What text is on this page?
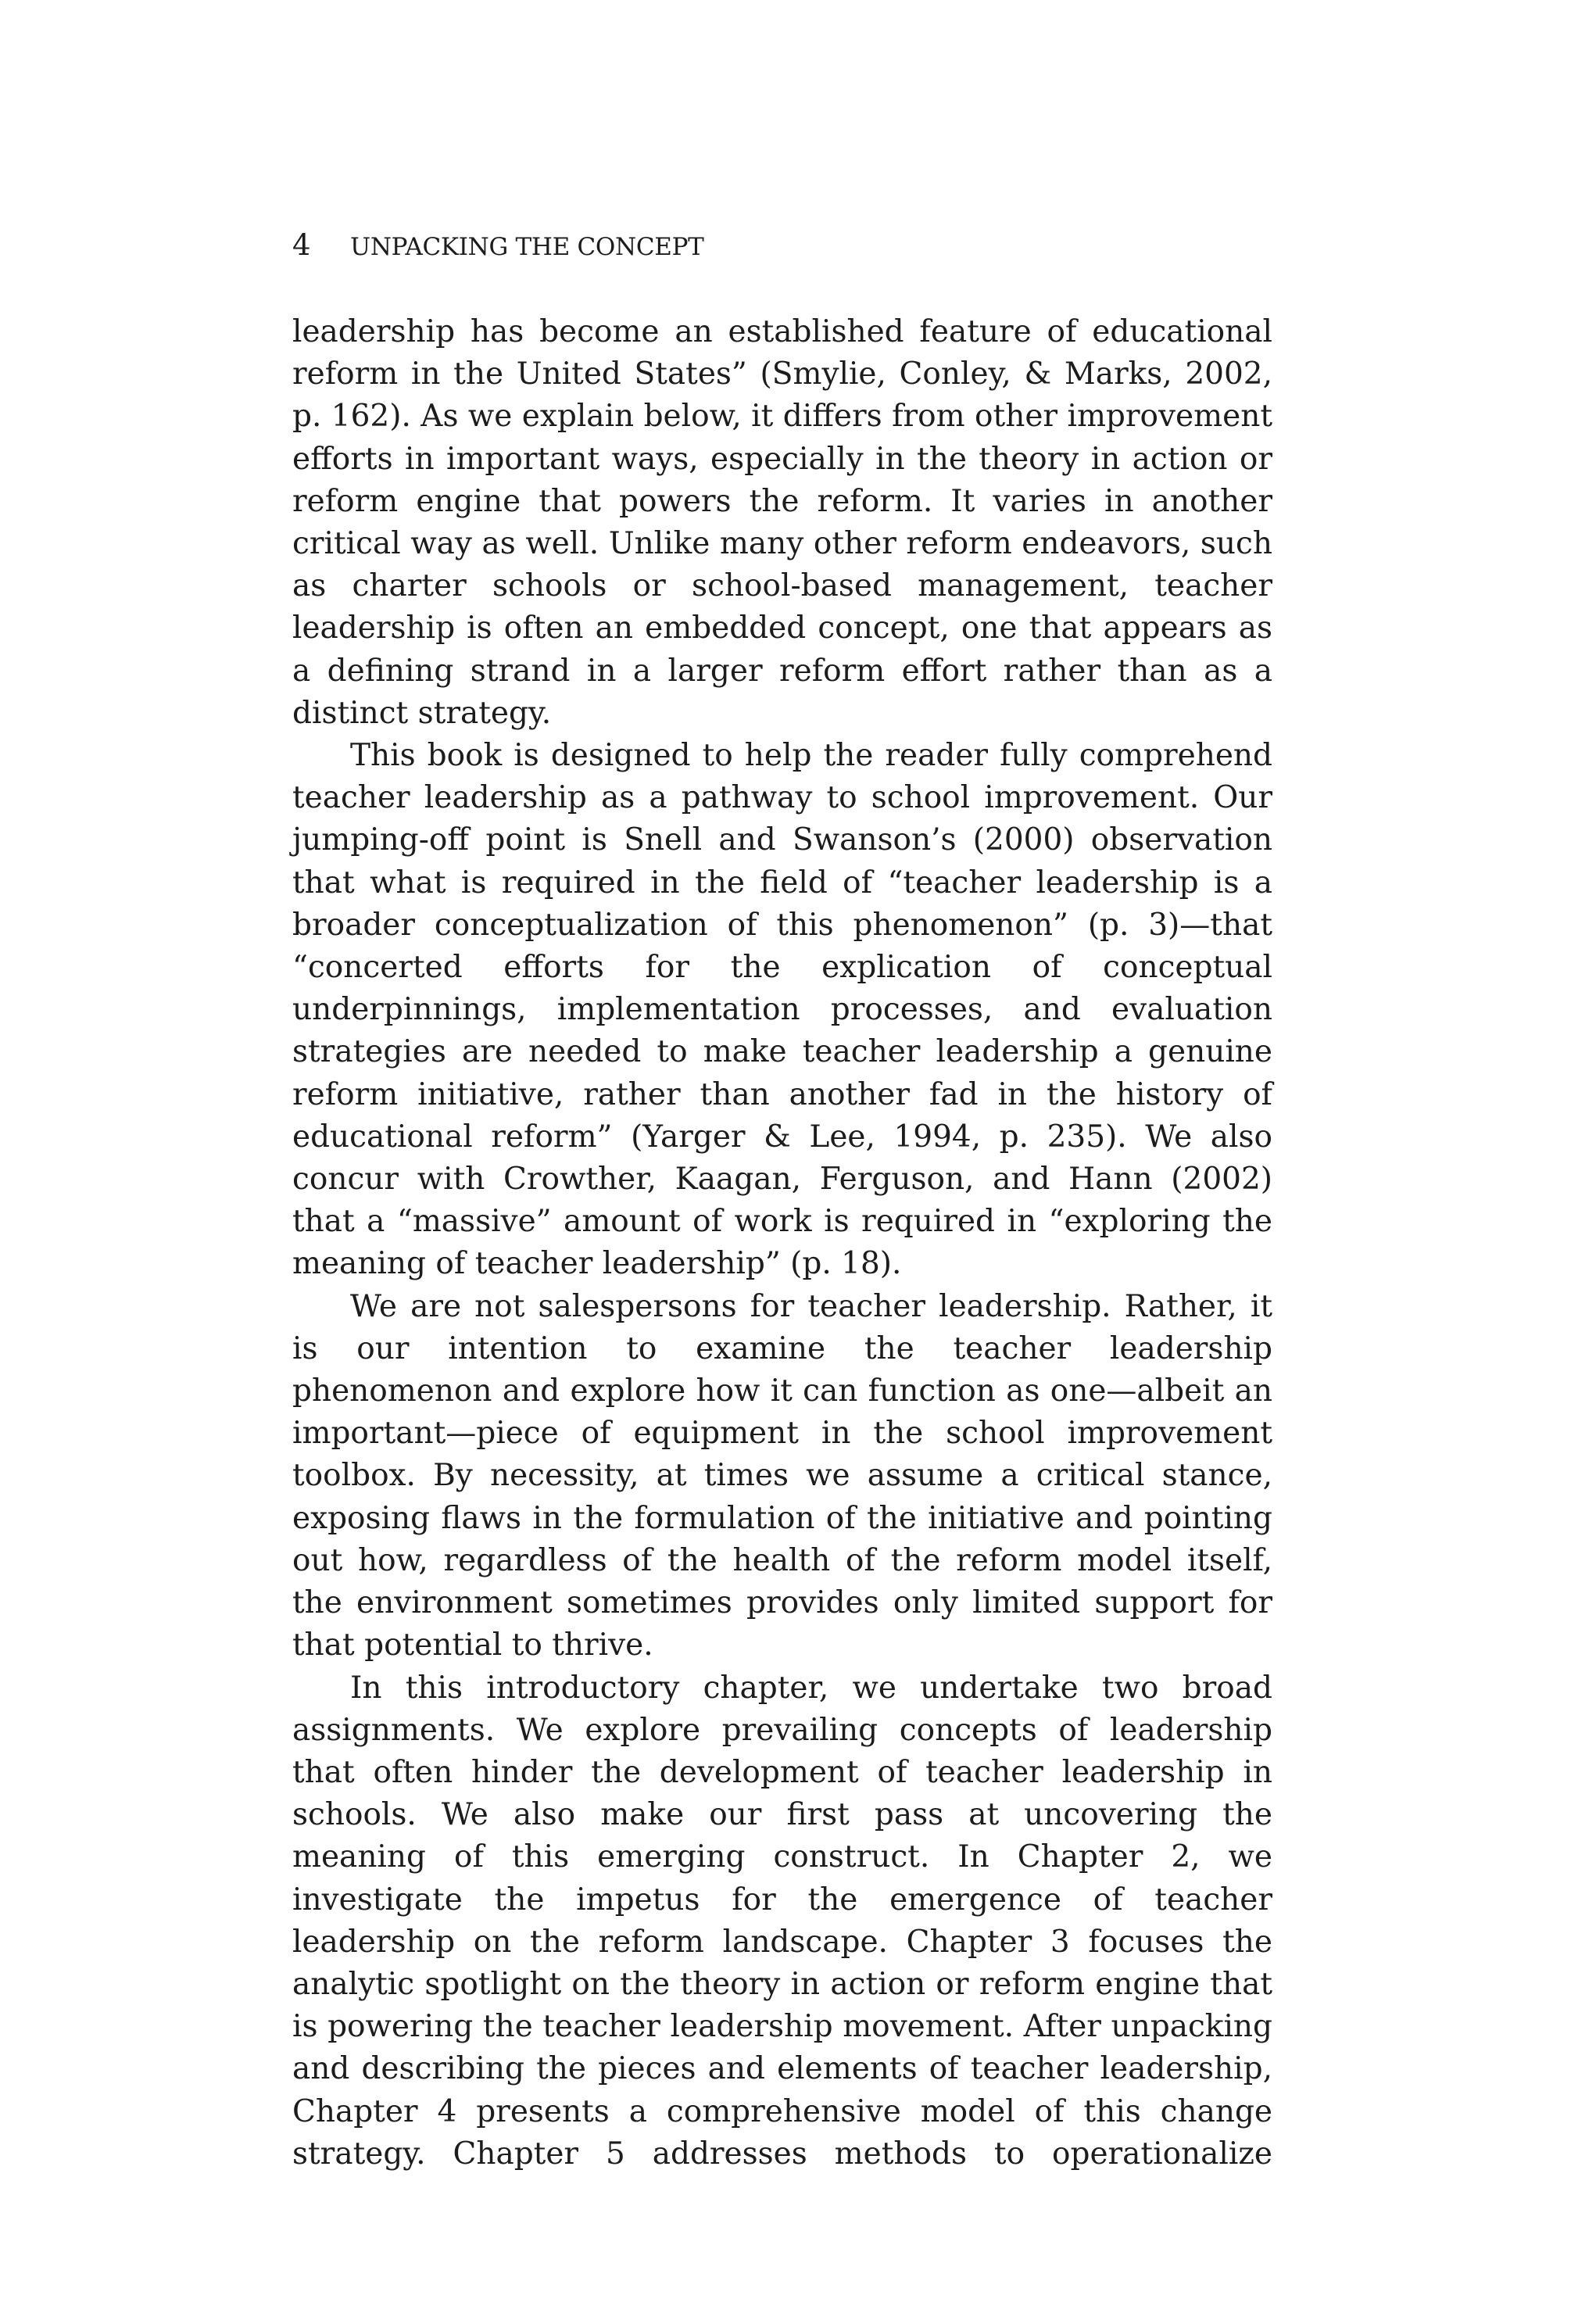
4 UNPACKING THE CONCEPT

leadership has become an established feature of educational reform in the United States” (Smylie, Conley, & Marks, 2002, p. 162). As we explain below, it differs from other improvement efforts in important ways, especially in the theory in action or reform engine that powers the reform. It varies in another critical way as well. Unlike many other reform endeavors, such as charter schools or school-based management, teacher leadership is often an embedded concept, one that appears as a defining strand in a larger reform effort rather than as a distinct strategy.

This book is designed to help the reader fully comprehend teacher leadership as a pathway to school improvement. Our jumping-off point is Snell and Swanson’s (2000) observation that what is required in the field of “teacher leadership is a broader conceptualization of this phenomenon” (p. 3)—that “concerted efforts for the explication of conceptual underpinnings, implementation processes, and evaluation strategies are needed to make teacher leadership a genuine reform initiative, rather than another fad in the history of educational reform” (Yarger & Lee, 1994, p. 235). We also concur with Crowther, Kaagan, Ferguson, and Hann (2002) that a “massive” amount of work is required in “exploring the meaning of teacher leadership” (p. 18).

We are not salespersons for teacher leadership. Rather, it is our intention to examine the teacher leadership phenomenon and explore how it can function as one—albeit an important—piece of equipment in the school improvement toolbox. By necessity, at times we assume a critical stance, exposing flaws in the formulation of the initiative and pointing out how, regardless of the health of the reform model itself, the environment sometimes provides only limited support for that potential to thrive.

In this introductory chapter, we undertake two broad assignments. We explore prevailing concepts of leadership that often hinder the development of teacher leadership in schools. We also make our first pass at uncovering the meaning of this emerging construct. In Chapter 2, we investigate the impetus for the emergence of teacher leadership on the reform landscape. Chapter 3 focuses the analytic spotlight on the theory in action or reform engine that is powering the teacher leadership movement. After unpacking and describing the pieces and elements of teacher leadership, Chapter 4 presents a comprehensive model of this change strategy. Chapter 5 addresses methods to operationalize
